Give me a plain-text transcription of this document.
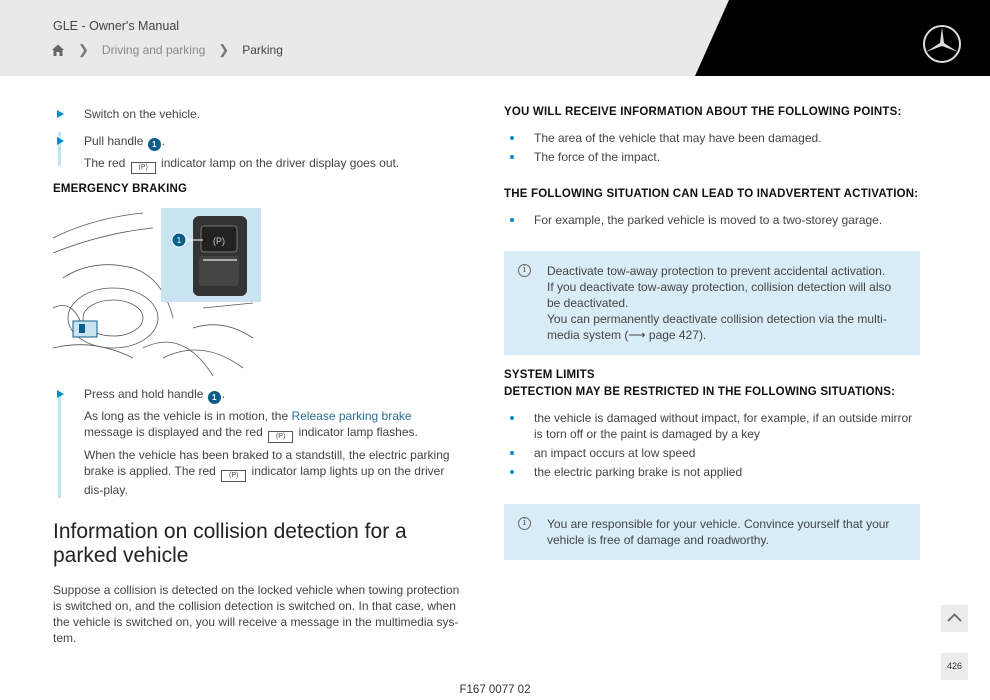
GLE - Owner's Manual
❯ Driving and parking ❯ Parking
Switch on the vehicle.
Pull handle 1 .
The red (P) indicator lamp on the driver display goes out.
EMERGENCY BRAKING
(P)
1
Press and hold handle 1 .
As long as the vehicle is in motion, the Release parking brake message is displayed and the red (P) indicator lamp flashes.
When the vehicle has been braked to a standstill, the electric parking brake is applied. The red (P) indicator lamp lights up on the driver dis-play.
Information on collision detection for a parked vehicle
Suppose a collision is detected on the locked vehicle when towing protection is switched on, and the collision detection is switched on. In that case, when the vehicle is switched on, you will receive a message in the multimedia sys-tem.
YOU WILL RECEIVE INFORMATION ABOUT THE FOLLOWING POINTS:
The area of the vehicle that may have been damaged.
The force of the impact.
THE FOLLOWING SITUATION CAN LEAD TO INADVERTENT ACTIVATION:
For example, the parked vehicle is moved to a two-storey garage.
i	Deactivate tow-away protection to prevent accidental activation.
If you deactivate tow-away protection, collision detection will also be deactivated.
You can permanently deactivate collision detection via the multi-media system (⟶ page 427).
SYSTEM LIMITS
DETECTION MAY BE RESTRICTED IN THE FOLLOWING SITUATIONS:
the vehicle is damaged without impact, for example, if an outside mirror is torn off or the paint is damaged by a key
an impact occurs at low speed
the electric parking brake is not applied
i	You are responsible for your vehicle. Convince yourself that your vehicle is free of damage and roadworthy.
426
F167 0077 02
